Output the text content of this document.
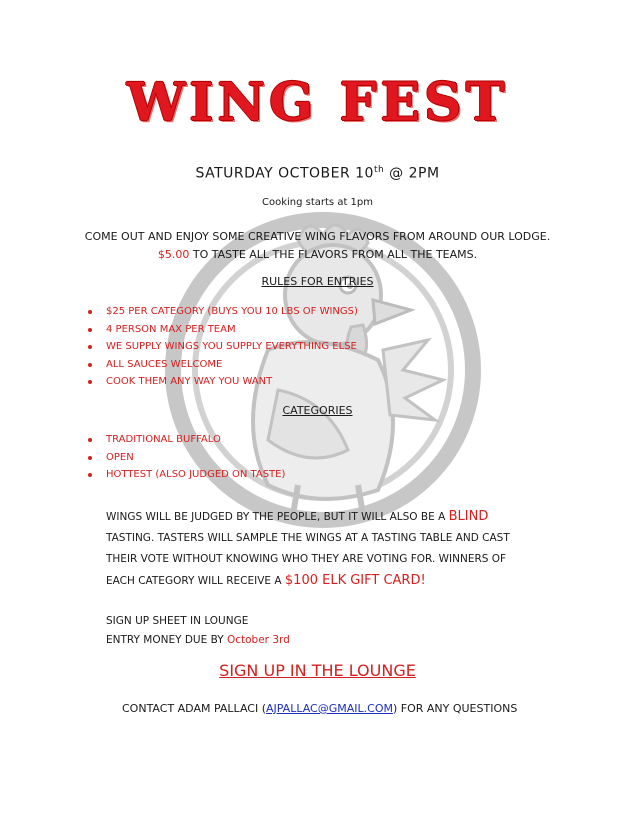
WING FEST
SATURDAY OCTOBER 10th @ 2PM
Cooking starts at 1pm
COME OUT AND ENJOY SOME CREATIVE WING FLAVORS FROM AROUND OUR LODGE.
$5.00 TO TASTE ALL THE FLAVORS FROM ALL THE TEAMS.
RULES FOR ENTRIES
$25 PER CATEGORY (BUYS YOU 10 LBS OF WINGS)
4 PERSON MAX PER TEAM
WE SUPPLY WINGS YOU SUPPLY EVERYTHING ELSE
ALL SAUCES WELCOME
COOK THEM ANY WAY YOU WANT
CATEGORIES
TRADITIONAL BUFFALO
OPEN
HOTTEST (ALSO JUDGED ON TASTE)
WINGS WILL BE JUDGED BY THE PEOPLE, BUT IT WILL ALSO BE A BLIND
TASTING. TASTERS WILL SAMPLE THE WINGS AT A TASTING TABLE AND CAST
THEIR VOTE WITHOUT KNOWING WHO THEY ARE VOTING FOR. WINNERS OF
EACH CATEGORY WILL RECEIVE A $100 ELK GIFT CARD!
SIGN UP SHEET IN LOUNGE
ENTRY MONEY DUE BY October 3rd
SIGN UP IN THE LOUNGE
CONTACT ADAM PALLACI (AJPALLAC@GMAIL.COM) FOR ANY QUESTIONS
